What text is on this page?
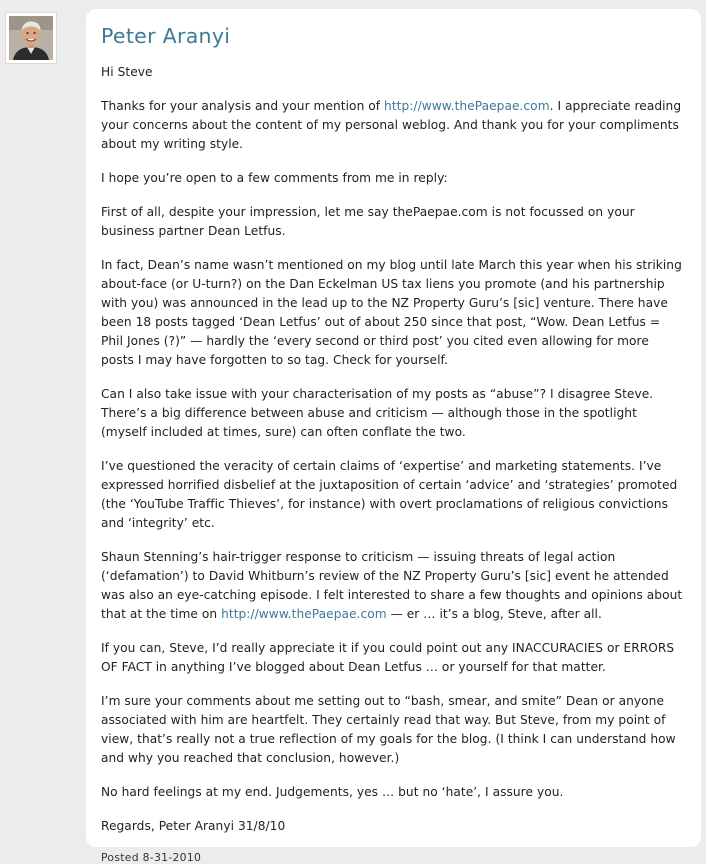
Peter Aranyi

Hi Steve

Thanks for your analysis and your mention of http://www.thePaepae.com. I appreciate reading your concerns about the content of my personal weblog. And thank you for your compliments about my writing style.

I hope you’re open to a few comments from me in reply:

First of all, despite your impression, let me say thePaepae.com is not focussed on your business partner Dean Letfus.

In fact, Dean’s name wasn’t mentioned on my blog until late March this year when his striking about-face (or U-turn?) on the Dan Eckelman US tax liens you promote (and his partnership with you) was announced in the lead up to the NZ Property Guru’s [sic] venture. There have been 18 posts tagged ‘Dean Letfus’ out of about 250 since that post, “Wow. Dean Letfus = Phil Jones (?)” — hardly the ‘every second or third post’ you cited even allowing for more posts I may have forgotten to so tag. Check for yourself.

Can I also take issue with your characterisation of my posts as “abuse”? I disagree Steve. There’s a big difference between abuse and criticism — although those in the spotlight (myself included at times, sure) can often conflate the two.

I’ve questioned the veracity of certain claims of ‘expertise’ and marketing statements. I’ve expressed horrified disbelief at the juxtaposition of certain ‘advice’ and ‘strategies’ promoted (the ‘YouTube Traffic Thieves’, for instance) with overt proclamations of religious convictions and ‘integrity’ etc.

Shaun Stenning’s hair-trigger response to criticism — issuing threats of legal action (‘defamation’) to David Whitburn’s review of the NZ Property Guru’s [sic] event he attended was also an eye-catching episode. I felt interested to share a few thoughts and opinions about that at the time on http://www.thePaepae.com — er … it’s a blog, Steve, after all.

If you can, Steve, I’d really appreciate it if you could point out any INACCURACIES or ERRORS OF FACT in anything I’ve blogged about Dean Letfus … or yourself for that matter.

I’m sure your comments about me setting out to “bash, smear, and smite” Dean or anyone associated with him are heartfelt. They certainly read that way. But Steve, from my point of view, that’s really not a true reflection of my goals for the blog. (I think I can understand how and why you reached that conclusion, however.)

No hard feelings at my end. Judgements, yes … but no ‘hate’, I assure you.

Regards, Peter Aranyi 31/8/10

Posted 8-31-2010
